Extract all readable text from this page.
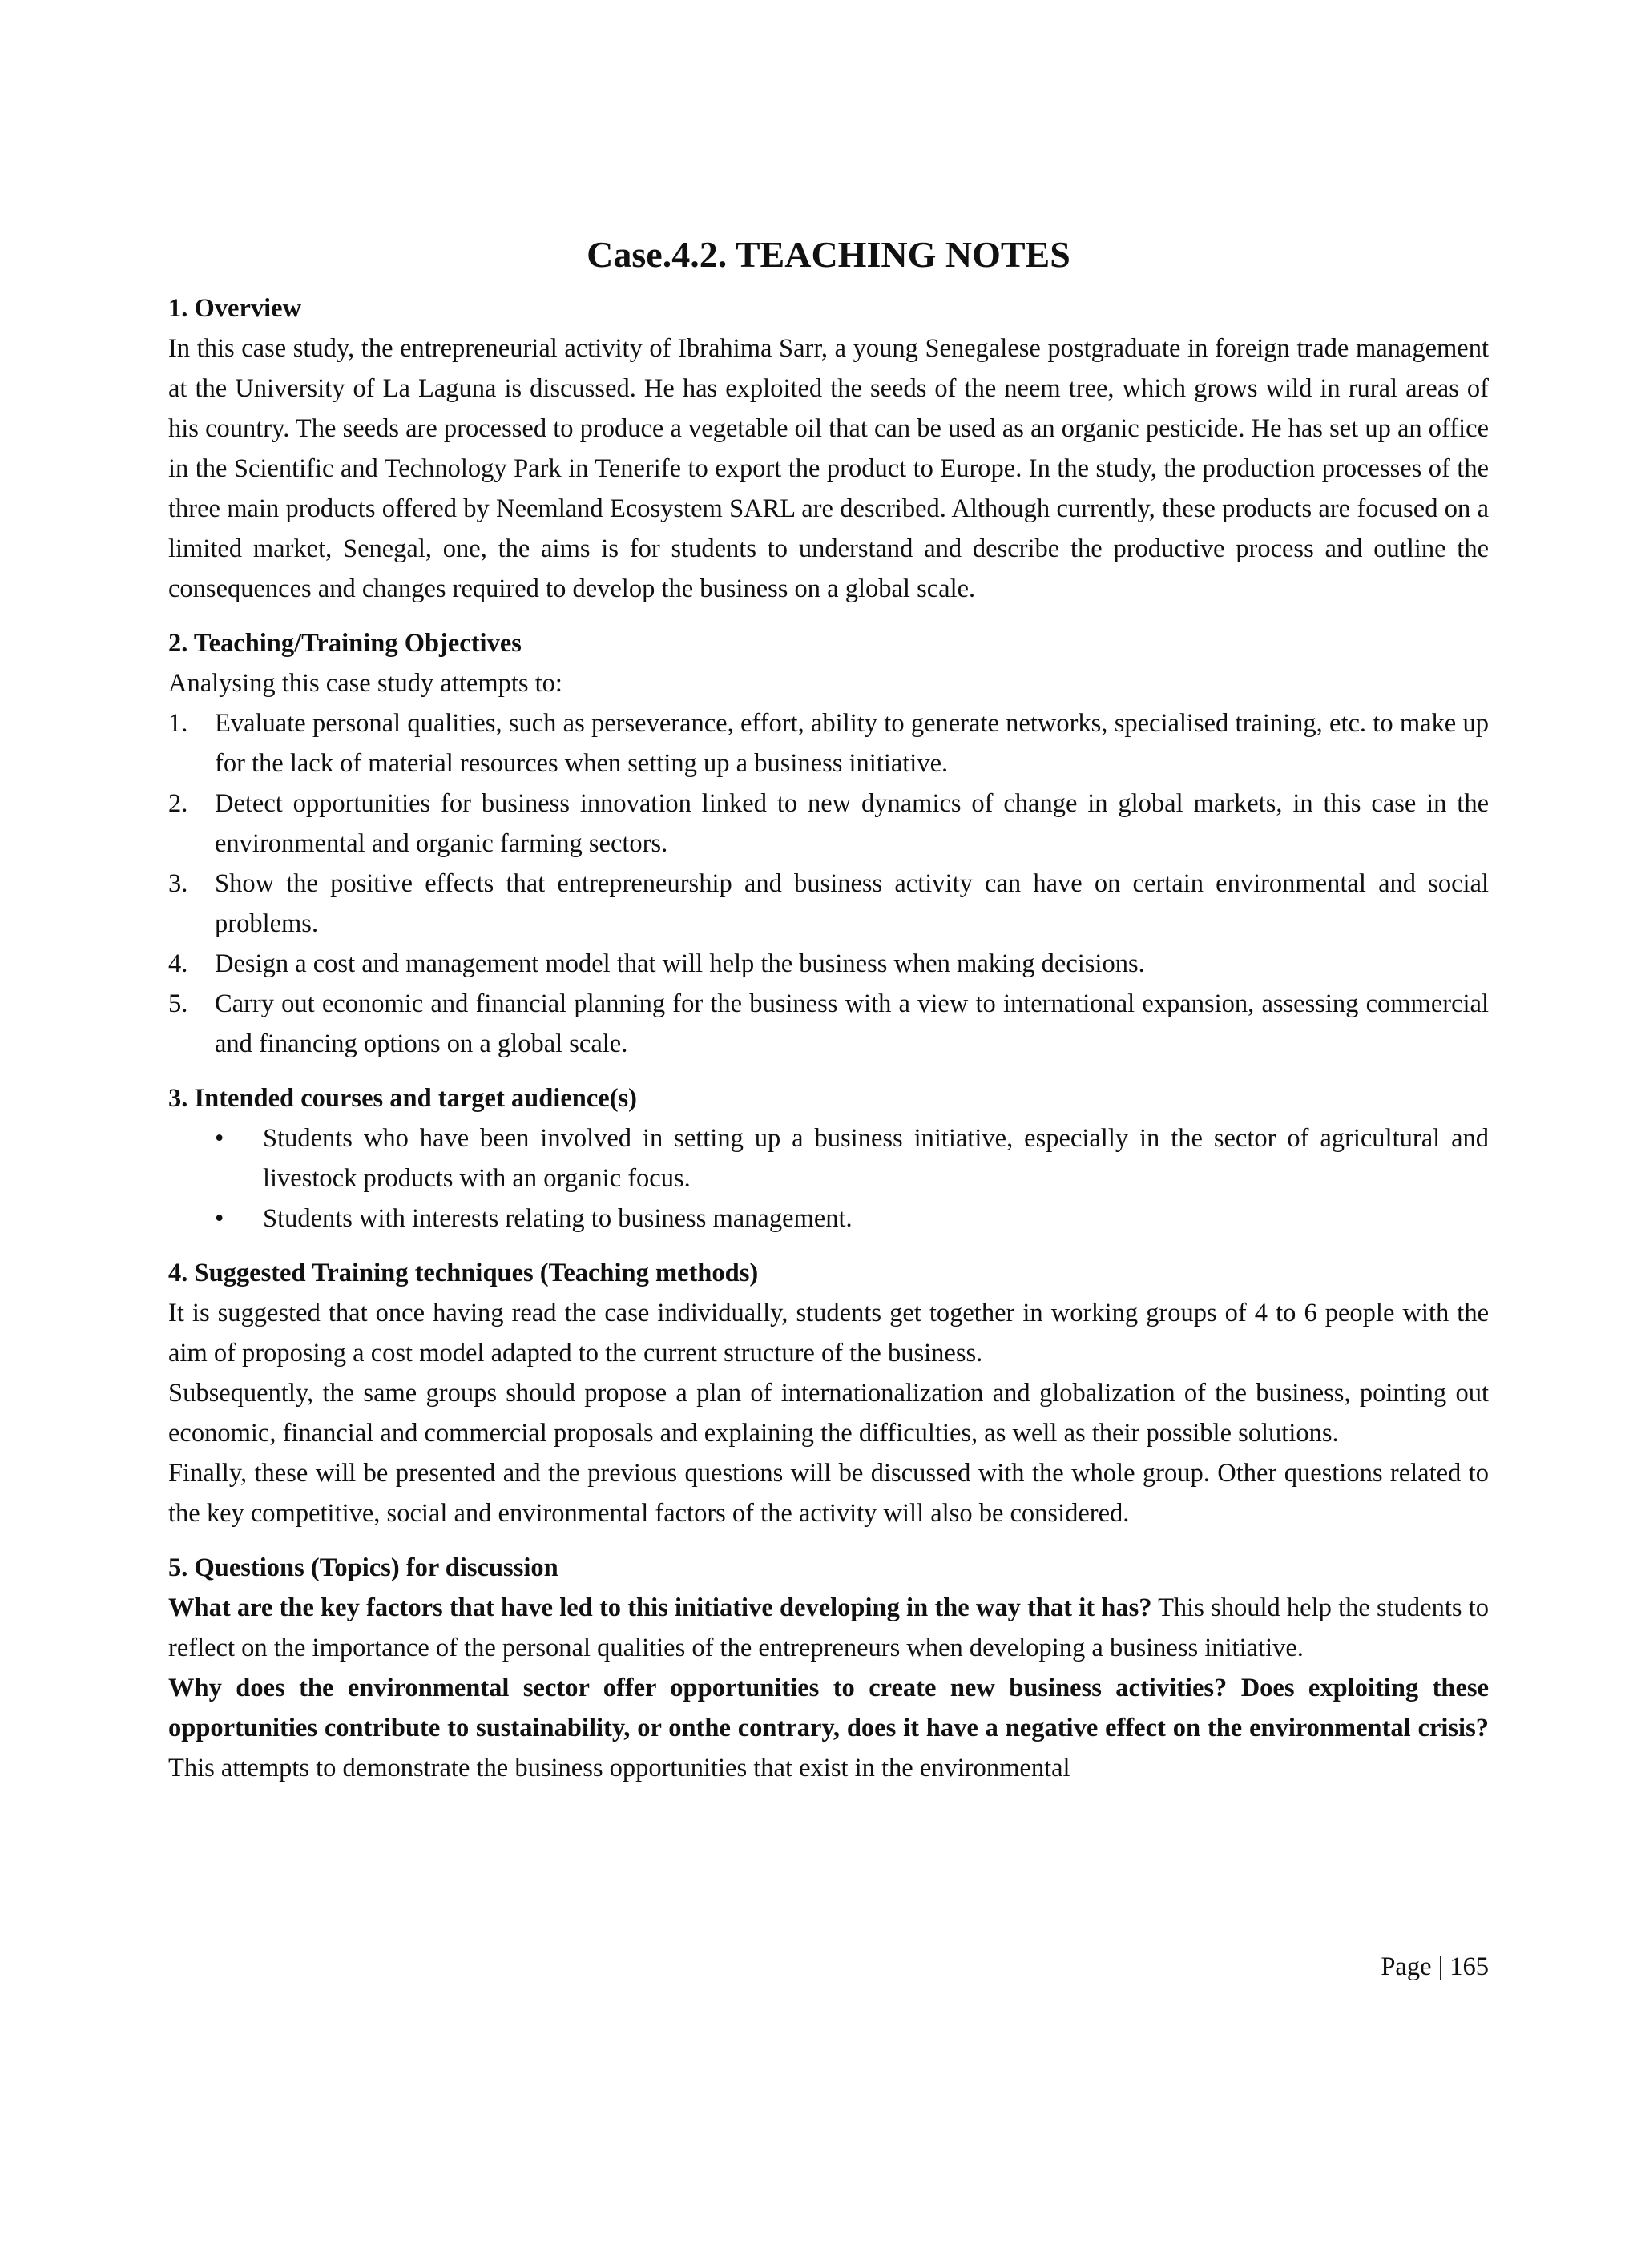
Case.4.2. TEACHING NOTES
1. Overview

In this case study, the entrepreneurial activity of Ibrahima Sarr, a young Senegalese postgraduate in foreign trade management at the University of La Laguna is discussed. He has exploited the seeds of the neem tree, which grows wild in rural areas of his country. The seeds are processed to produce a vegetable oil that can be used as an organic pesticide. He has set up an office in the Scientific and Technology Park in Tenerife to export the product to Europe. In the study, the production processes of the three main products offered by Neemland Ecosystem SARL are described. Although currently, these products are focused on a limited market, Senegal, one, the aims is for students to understand and describe the productive process and outline the consequences and changes required to develop the business on a global scale.

2. Teaching/Training Objectives

Analysing this case study attempts to:

1. Evaluate personal qualities, such as perseverance, effort, ability to generate networks, specialised training, etc. to make up for the lack of material resources when setting up a business initiative.
2. Detect opportunities for business innovation linked to new dynamics of change in global markets, in this case in the environmental and organic farming sectors.
3. Show the positive effects that entrepreneurship and business activity can have on certain environmental and social problems.
4. Design a cost and management model that will help the business when making decisions.
5. Carry out economic and financial planning for the business with a view to international expansion, assessing commercial and financing options on a global scale.
3. Intended courses and target audience(s)
• Students who have been involved in setting up a business initiative, especially in the sector of agricultural and livestock products with an organic focus.
• Students with interests relating to business management.
4. Suggested Training techniques (Teaching methods)

It is suggested that once having read the case individually, students get together in working groups of 4 to 6 people with the aim of proposing a cost model adapted to the current structure of the business.

Subsequently, the same groups should propose a plan of internationalization and globalization of the business, pointing out economic, financial and commercial proposals and explaining the difficulties, as well as their possible solutions.

Finally, these will be presented and the previous questions will be discussed with the whole group. Other questions related to the key competitive, social and environmental factors of the activity will also be considered.

5. Questions (Topics) for discussion

What are the key factors that have led to this initiative developing in the way that it has? This should help the students to reflect on the importance of the personal qualities of the entrepreneurs when developing a business initiative.

Why does the environmental sector offer opportunities to create new business activities? Does exploiting these opportunities contribute to sustainability, or onthe contrary, does it have a negative effect on the environmental crisis? This attempts to demonstrate the business opportunities that exist in the environmental

Page | 165
